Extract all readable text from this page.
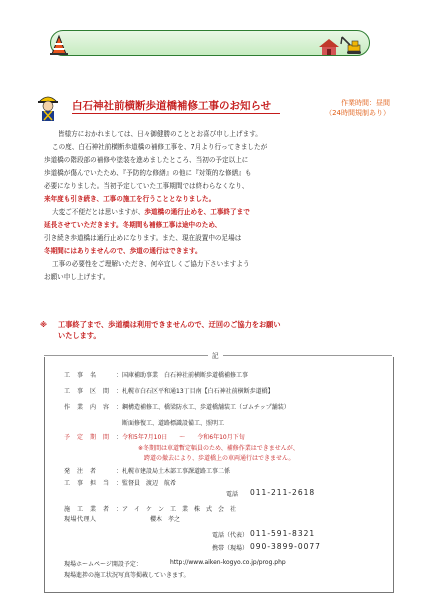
白石神社前横断歩道橋補修工事のお知らせ	作業時間：昼間
（24時間規制あり）
皆様方におかれましては、日々御健勝のこととお喜び申し上げます。
この度、白石神社前横断歩道橋の補修工事を、7月より行ってきましたが
歩道橋の階段部の補修や塗装を進めましたところ、当初の予定以上に
歩道橋が傷んでいたため、『予防的な修繕』の他に『対策的な修繕』も
必要になりました。当初予定していた工事期間では終わらなくなり、
来年度も引き続き、工事の施工を行うこととなりました。
大変ご不便だとは思いますが、歩道橋の通行止めを、工事終了まで
延長させていただきます。冬期間も補修工事は途中のため、
引き続き歩道橋は通行止めになります。また、現在設置中の足場は
冬期間にはありませんので、歩道の通行はできます。
工事の必要性をご理解いただき、何卒宜しくご協力下さいますよう
お願い申し上げます。
※ 工事終了まで、歩道橋は利用できませんので、迂回のご協力をお願い
いたします。
記
工　事　名	： 国庫補助事業　白石神社前横断歩道橋補修工事
工　事　区　間 ： 札幌市白石区平和通13丁目南【白石神社前横断歩道橋】
作　業　内　容 ： 鋼構造補修工、橋梁防水工、歩道橋舗装工（ゴムチップ舗装）
断面修復工、道路標識設備工、照明工
予　定　期　間 ： 令和5年7月10日　　～　　令和6年10月下旬
※冬期間は車道暫定幅員のため、補修作業はできませんが、
　跨道の撤去により、歩道橋上の車両通行はできません。
発　注　者	： 札幌市建設局土木部工事課道路工事二係
工　事　担　当 ： 監督員　渡辺　航希
電話 011-211-2618
施　工　業　者 ： ア　イ　ケ　ン　工　業　株　式　会　社
現場代理人	櫻木　孝之
電話（代表） 011-591-8321
携帯（現場） 090-3899-0077
現場ホームページ開設予定：	http://www.aiken-kogyo.co.jp/prog.php
現場進捗の施工状況写真等掲載していきます。
